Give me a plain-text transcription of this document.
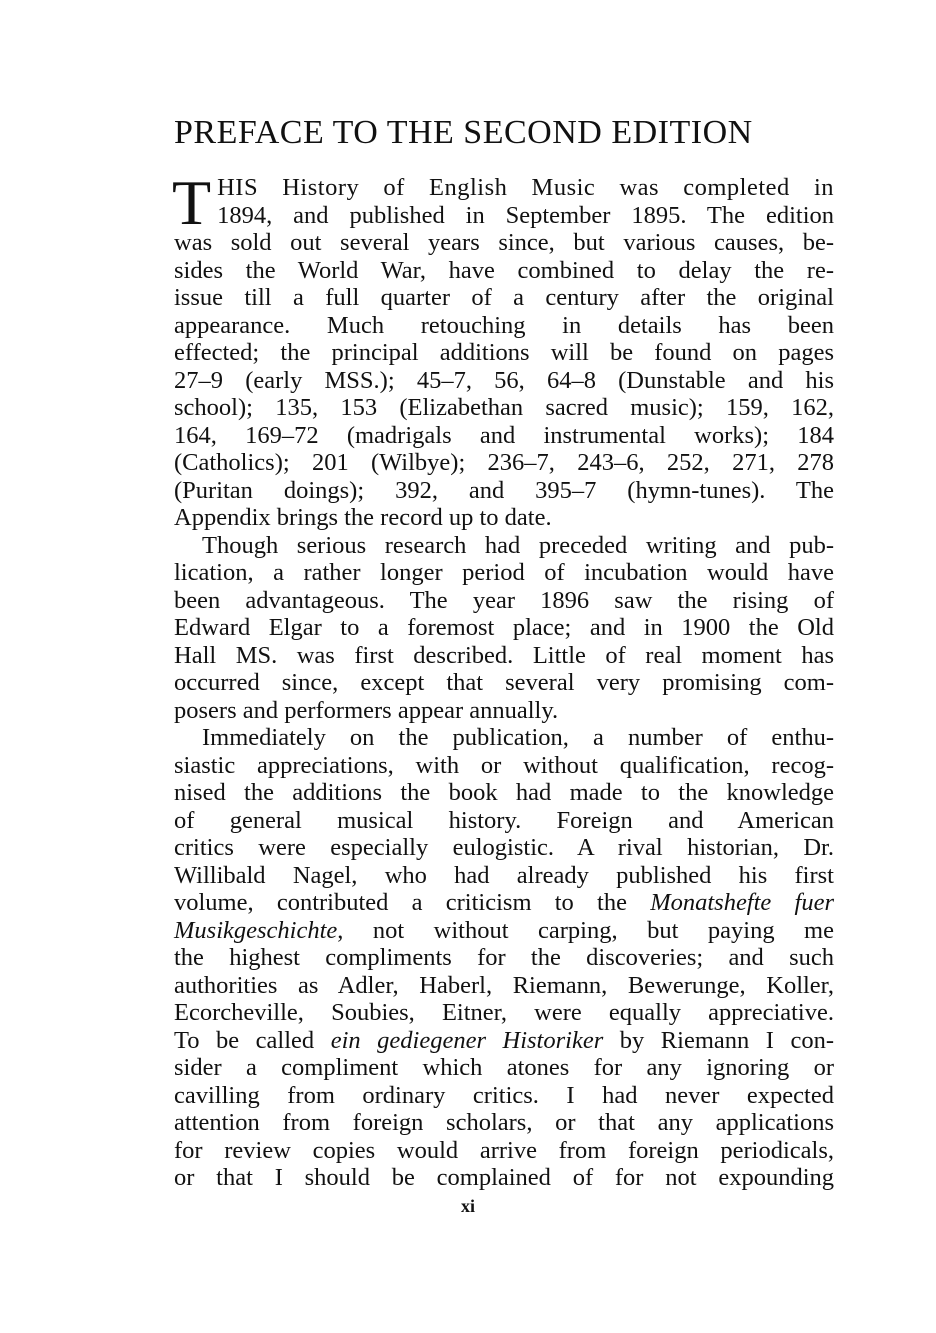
PREFACE TO THE SECOND EDITION
T HIS History of English Music was completed in
1894, and published in September 1895. The edition
was sold out several years since, but various causes, be-
sides the World War, have combined to delay the re-
issue till a full quarter of a century after the original
appearance. Much retouching in details has been
effected; the principal additions will be found on pages
27–9 (early MSS.); 45–7, 56, 64–8 (Dunstable and his
school); 135, 153 (Elizabethan sacred music); 159, 162,
164, 169–72 (madrigals and instrumental works); 184
(Catholics); 201 (Wilbye); 236–7, 243–6, 252, 271, 278
(Puritan doings); 392, and 395–7 (hymn-tunes). The
Appendix brings the record up to date.
Though serious research had preceded writing and pub-
lication, a rather longer period of incubation would have
been advantageous. The year 1896 saw the rising of
Edward Elgar to a foremost place; and in 1900 the Old
Hall MS. was first described. Little of real moment has
occurred since, except that several very promising com-
posers and performers appear annually.
Immediately on the publication, a number of enthu-
siastic appreciations, with or without qualification, recog-
nised the additions the book had made to the knowledge
of general musical history. Foreign and American
critics were especially eulogistic. A rival historian, Dr.
Willibald Nagel, who had already published his first
volume, contributed a criticism to the Monatshefte fuer
Musikgeschichte, not without carping, but paying me
the highest compliments for the discoveries; and such
authorities as Adler, Haberl, Riemann, Bewerunge, Koller,
Ecorcheville, Soubies, Eitner, were equally appreciative.
To be called ein gediegener Historiker by Riemann I con-
sider a compliment which atones for any ignoring or
cavilling from ordinary critics. I had never expected
attention from foreign scholars, or that any applications
for review copies would arrive from foreign periodicals,
or that I should be complained of for not expounding
xi
